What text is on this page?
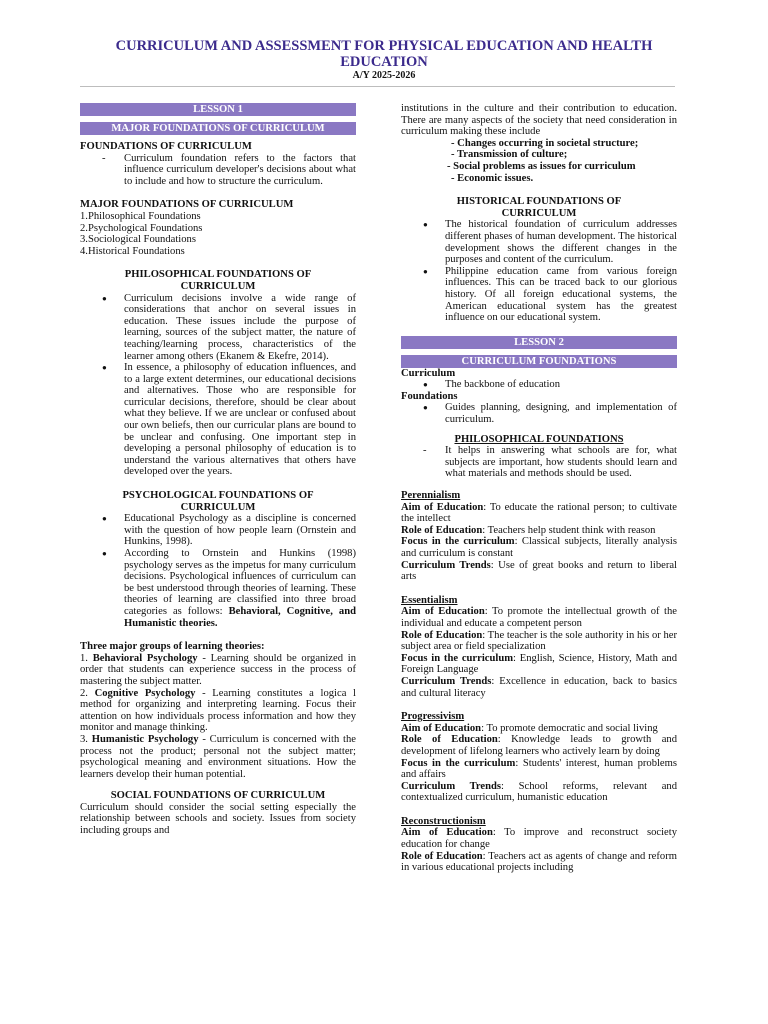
CURRICULUM AND ASSESSMENT FOR PHYSICAL EDUCATION AND HEALTH EDUCATION
A/Y 2025-2026
LESSON 1
MAJOR FOUNDATIONS OF CURRICULUM
FOUNDATIONS OF CURRICULUM
- Curriculum foundation refers to the factors that influence curriculum developer's decisions about what to include and how to structure the curriculum.
MAJOR FOUNDATIONS OF CURRICULUM
1.Philosophical Foundations
2.Psychological Foundations
3.Sociological Foundations
4.Historical Foundations
PHILOSOPHICAL FOUNDATIONS OF CURRICULUM
● Curriculum decisions involve a wide range of considerations that anchor on several issues in education. These issues include the purpose of learning, sources of the subject matter, the nature of teaching/learning process, characteristics of the learner among others (Ekanem & Ekefre, 2014).
● In essence, a philosophy of education influences, and to a large extent determines, our educational decisions and alternatives. Those who are responsible for curricular decisions, therefore, should be clear about what they believe. If we are unclear or confused about our own beliefs, then our curricular plans are bound to be unclear and confusing. One important step in developing a personal philosophy of education is to understand the various alternatives that others have developed over the years.
PSYCHOLOGICAL FOUNDATIONS OF CURRICULUM
● Educational Psychology as a discipline is concerned with the question of how people learn (Ornstein and Hunkins, 1998).
● According to Ornstein and Hunkins (1998) psychology serves as the impetus for many curriculum decisions. Psychological influences of curriculum can be best understood through theories of learning. These theories of learning are classified into three broad categories as follows: Behavioral, Cognitive, and Humanistic theories.
Three major groups of learning theories:

1. Behavioral Psychology - Learning should be organized in order that students can experience success in the process of mastering the subject matter.

2. Cognitive Psychology - Learning constitutes a logica l method for organizing and interpreting learning. Focus their attention on how individuals process information and how they monitor and manage thinking.

3. Humanistic Psychology - Curriculum is concerned with the process not the product; personal not the subject matter; psychological meaning and environment situations. How the learners develop their human potential.

SOCIAL FOUNDATIONS OF CURRICULUM

Curriculum should consider the social setting especially the relationship between schools and society. Issues from society including groups and

institutions in the culture and their contribution to education. There are many aspects of the society that need consideration in curriculum making these include

- Changes occurring in societal structure;
- Transmission of culture;
- Social problems as issues for curriculum
- Economic issues.
HISTORICAL FOUNDATIONS OF CURRICULUM
● The historical foundation of curriculum addresses different phases of human development. The historical development shows the different changes in the purposes and content of the curriculum.
● Philippine education came from various foreign influences. This can be traced back to our glorious history. Of all foreign educational systems, the American educational system has the greatest influence on our educational system.
LESSON 2
CURRICULUM FOUNDATIONS
Curriculum
● The backbone of education
Foundations
● Guides planning, designing, and implementation of curriculum.
PHILOSOPHICAL FOUNDATIONS
- It helps in answering what schools are for, what subjects are important, how students should learn and what materials and methods should be used.
Perennialism

Aim of Education: To educate the rational person; to cultivate the intellect

Role of Education: Teachers help student think with reason

Focus in the curriculum: Classical subjects, literally analysis and curriculum is constant

Curriculum Trends: Use of great books and return to liberal arts

Essentialism

Aim of Education: To promote the intellectual growth of the individual and educate a competent person

Role of Education: The teacher is the sole authority in his or her subject area or field specialization

Focus in the curriculum: English, Science, History, Math and Foreign Language

Curriculum Trends: Excellence in education, back to basics and cultural literacy

Progressivism

Aim of Education: To promote democratic and social living

Role of Education: Knowledge leads to growth and development of lifelong learners who actively learn by doing

Focus in the curriculum: Students' interest, human problems and affairs

Curriculum Trends: School reforms, relevant and contextualized curriculum, humanistic education

Reconstructionism

Aim of Education: To improve and reconstruct society education for change

Role of Education: Teachers act as agents of change and reform in various educational projects including
